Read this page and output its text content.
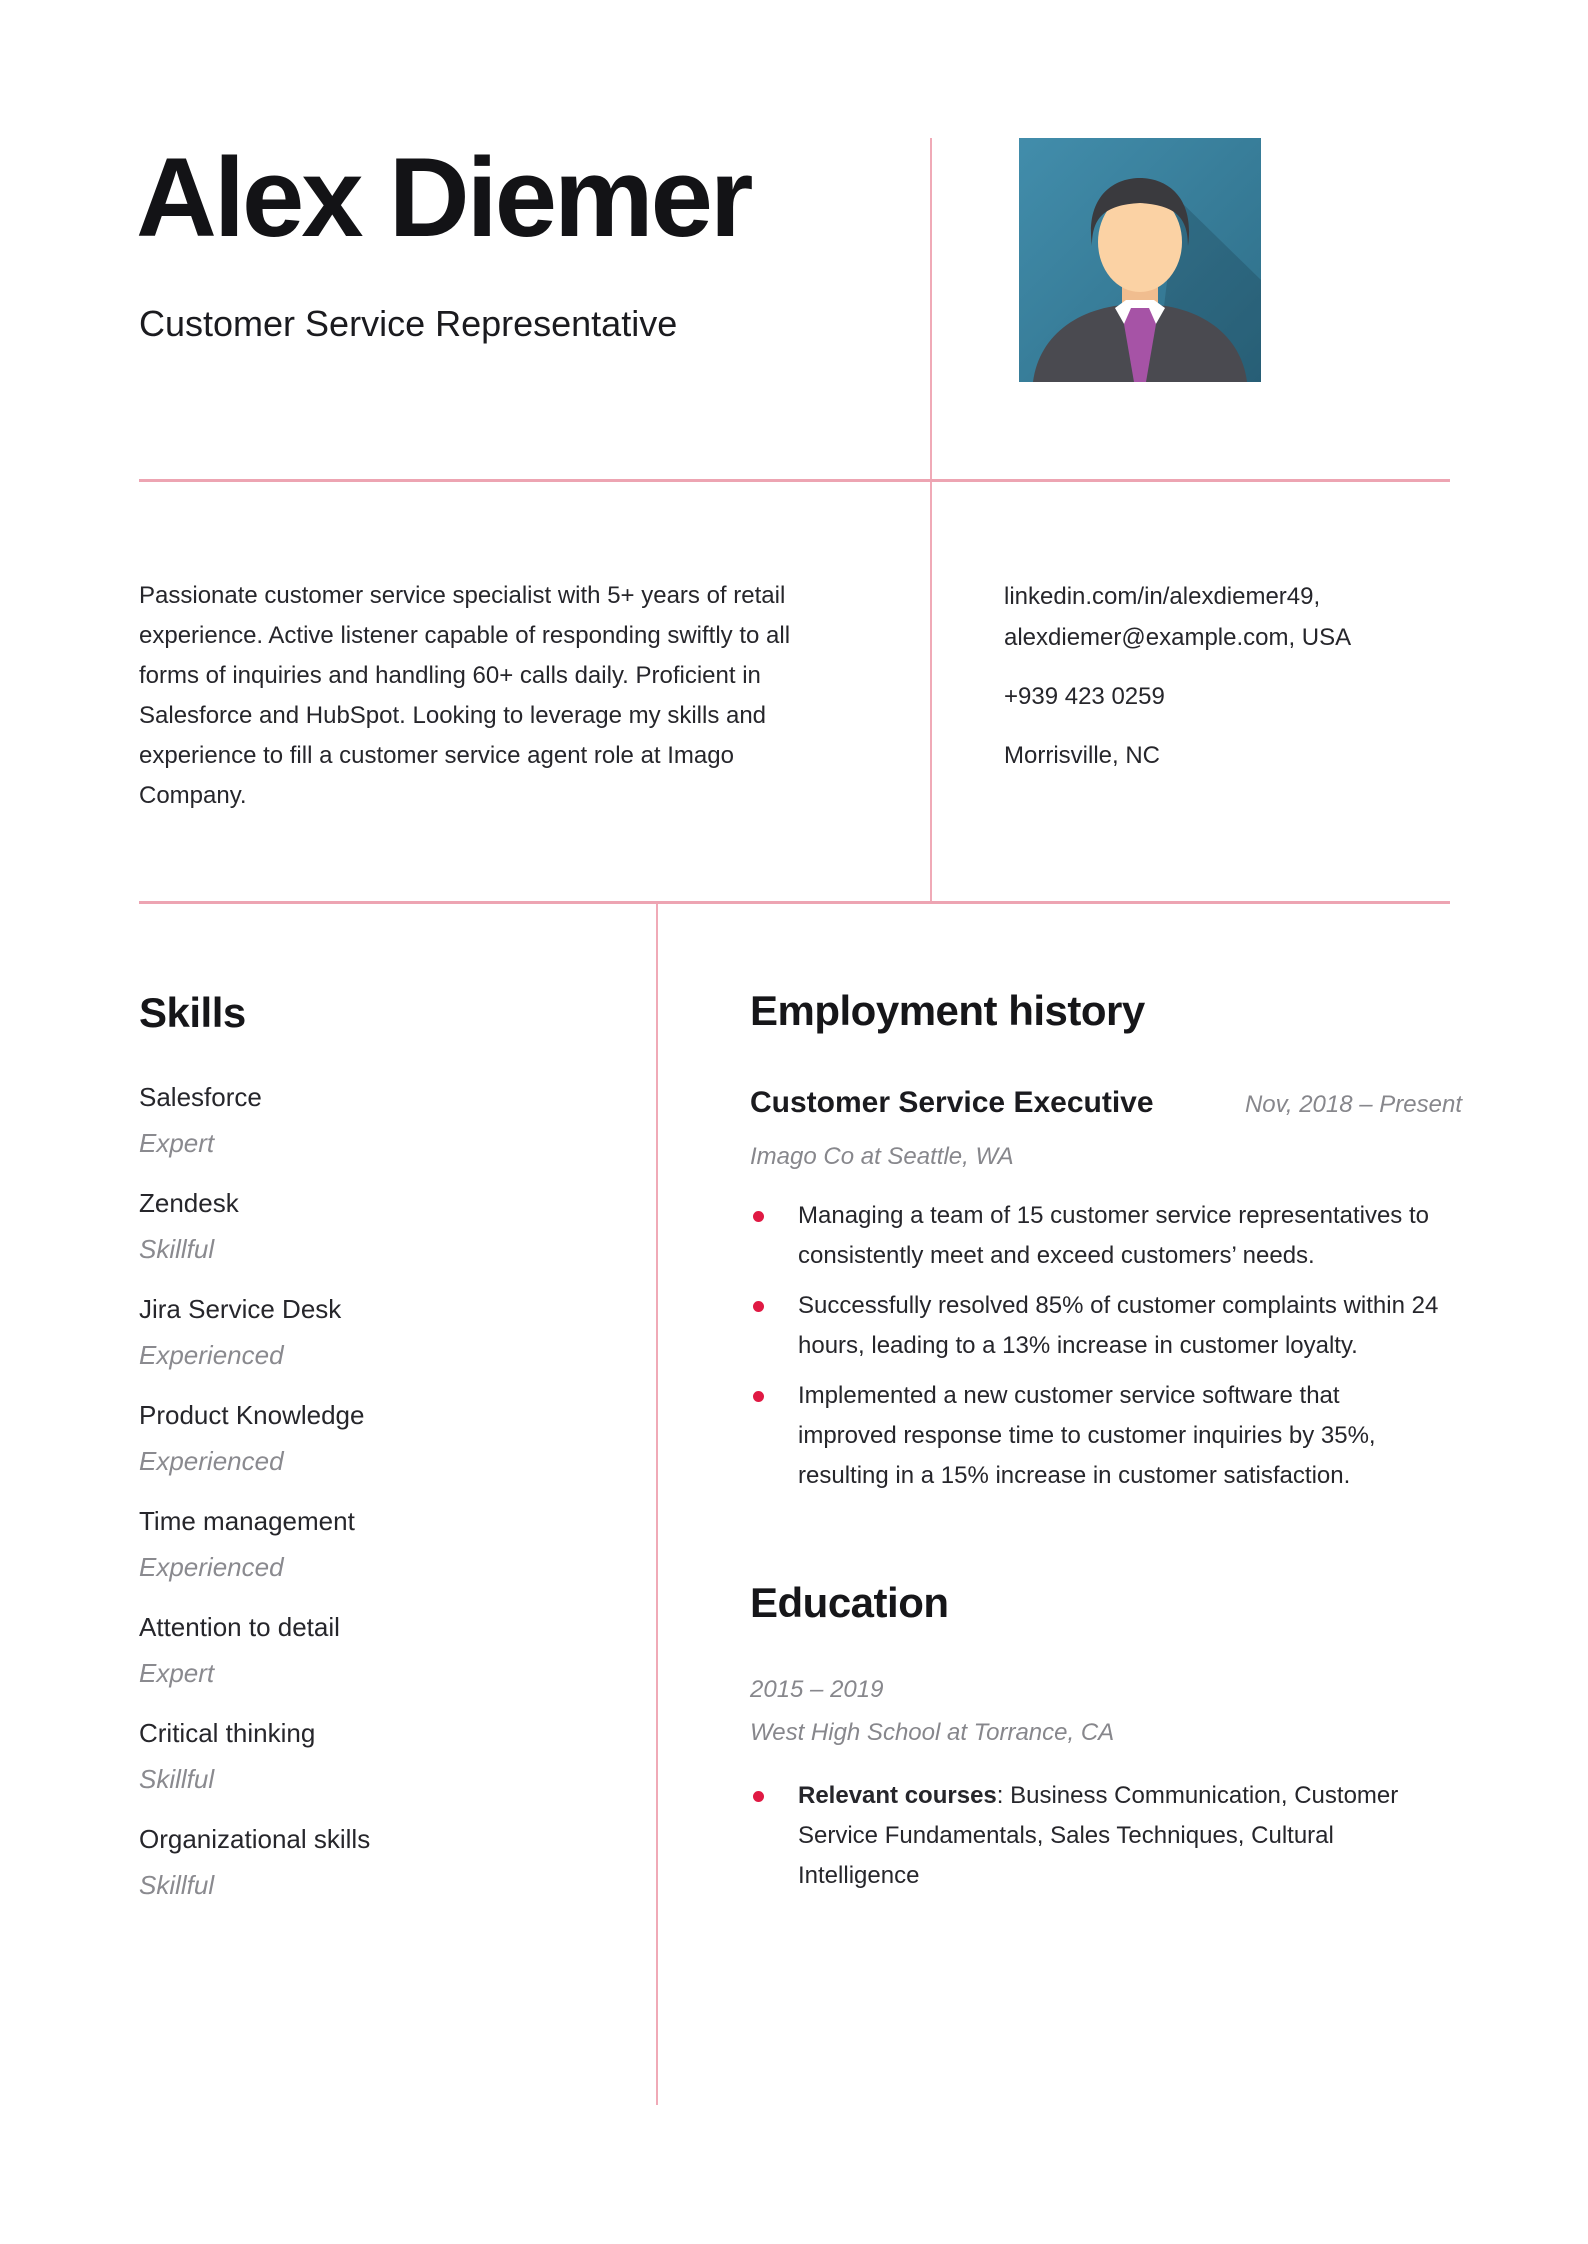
Alex Diemer
Customer Service Representative
Passionate customer service specialist with 5+ years of retail experience. Active listener capable of responding swiftly to all forms of inquiries and handling 60+ calls daily. Proficient in Salesforce and HubSpot. Looking to leverage my skills and experience to fill a customer service agent role at Imago Company.
linkedin.com/in/alexdiemer49, alexdiemer@example.com, USA
+939 423 0259
Morrisville, NC
Skills
Salesforce
Expert
Zendesk
Skillful
Jira Service Desk
Experienced
Product Knowledge
Experienced
Time management
Experienced
Attention to detail
Expert
Critical thinking
Skillful
Organizational skills
Skillful
Employment history
Customer Service Executive	Nov, 2018 – Present
Imago Co at Seattle, WA
Managing a team of 15 customer service representatives to consistently meet and exceed customers’ needs.
Successfully resolved 85% of customer complaints within 24 hours, leading to a 13% increase in customer loyalty.
Implemented a new customer service software that improved response time to customer inquiries by 35%, resulting in a 15% increase in customer satisfaction.
Education
2015 – 2019
West High School at Torrance, CA
Relevant courses: Business Communication, Customer Service Fundamentals, Sales Techniques, Cultural Intelligence
